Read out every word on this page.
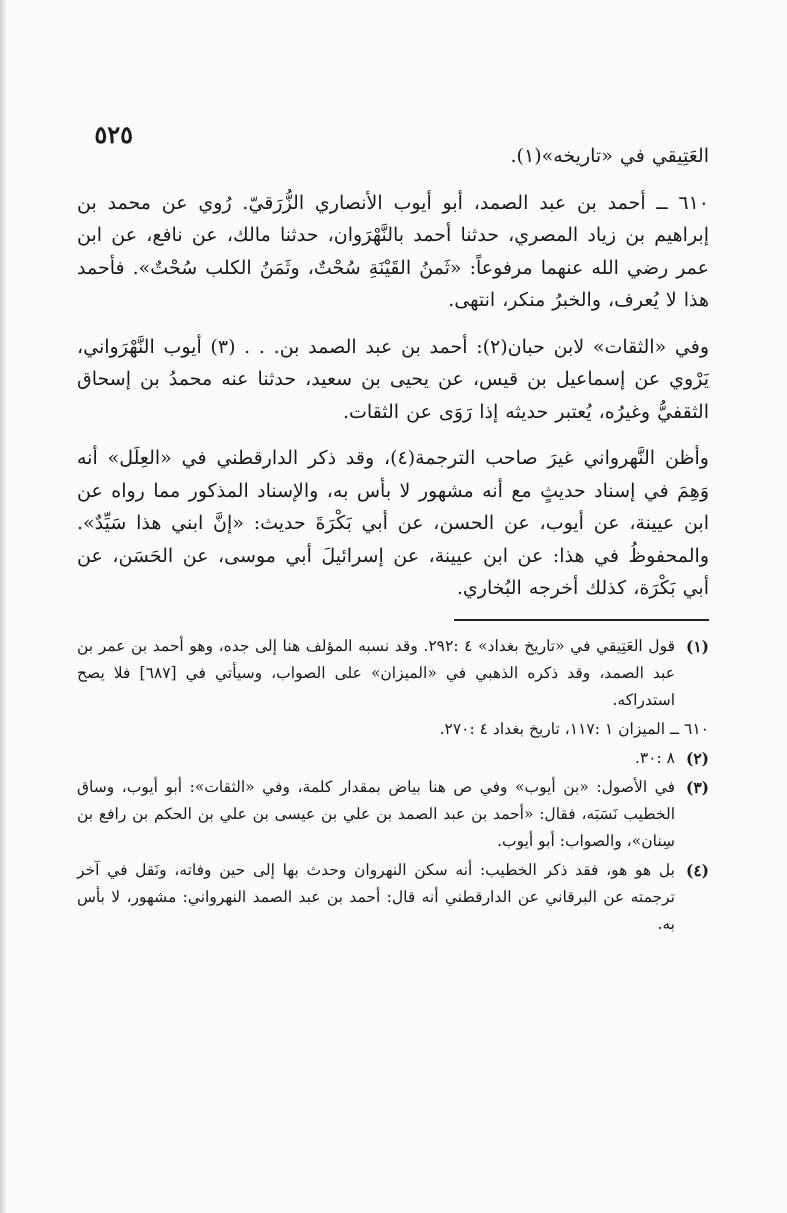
٥٢٥

العَتِيقي في «تاريخه»(١).

٦١٠ ــ أحمد بن عبد الصمد، أبو أيوب الأنصاري الزُّرَقيّ. رُوي عن محمد بن إبراهيم بن زياد المصري، حدثنا أحمد بالنَّهْرَوان، حدثنا مالك، عن نافع، عن ابن عمر رضي الله عنهما مرفوعاً: «ثَمنُ القَيْنَةِ سُحْتٌ، وثَمَنُ الكلب سُحْتٌ». فأحمد هذا لا يُعرف، والخبرُ منكر، انتهى.

وفي «الثقات» لابن حبان(٢): أحمد بن عبد الصمد بن. . . (٣) أيوب النَّهْرَواني، يَرْوي عن إسماعيل بن قيس، عن يحيى بن سعيد، حدثنا عنه محمدُ بن إسحاق الثقفيُّ وغيرُه، يُعتبر حديثه إذا رَوَى عن الثقات.

وأظن النَّهرواني غيرَ صاحب الترجمة(٤)، وقد ذكر الدارقطني في «العِلَل» أنه وَهِمَ في إسناد حديثٍ مع أنه مشهور لا بأس به، والإسناد المذكور مما رواه عن ابن عيينة، عن أيوب، عن الحسن، عن أبي بَكْرَةَ حديث: «إنَّ ابني هذا سَيِّدٌ». والمحفوظُ في هذا: عن ابن عيينة، عن إسرائيلَ أبي موسى، عن الحَسَن، عن أبي بَكْرَة، كذلك أخرجه البُخاري.

(١)
قول العَتِيقي في «تاريخ بغداد» ٤ :٢٩٢. وقد نسبه المؤلف هنا إلى جده، وهو أحمد بن عمر بن عبد الصمد، وقد ذكره الذهبي في «الميزان» على الصواب، وسيأتي في [٦٨٧] فلا يصح استدراكه.
٦١٠ ــ الميزان ١ :١١٧، تاريخ بغداد ٤ :٢٧٠.
(٢)
٨ :٣٠.
(٣)
في الأصول: «بن أيوب» وفي ص هنا بياض بمقدار كلمة، وفي «الثقات»: أبو أيوب، وساق الخطيب نَسَبَه، فقال: «أحمد بن عبد الصمد بن علي بن عيسى بن علي بن الحكم بن رافع بن سِنان»، والصواب: أبو أيوب.
(٤)
بل هو هو، فقد ذكر الخطيب: أنه سكن النهروان وحدث بها إلى حين وفاته، ونَقل في آخر ترجمته عن البرقاني عن الدارقطني أنه قال: أحمد بن عبد الصمد النهرواني: مشهور، لا بأس به.
